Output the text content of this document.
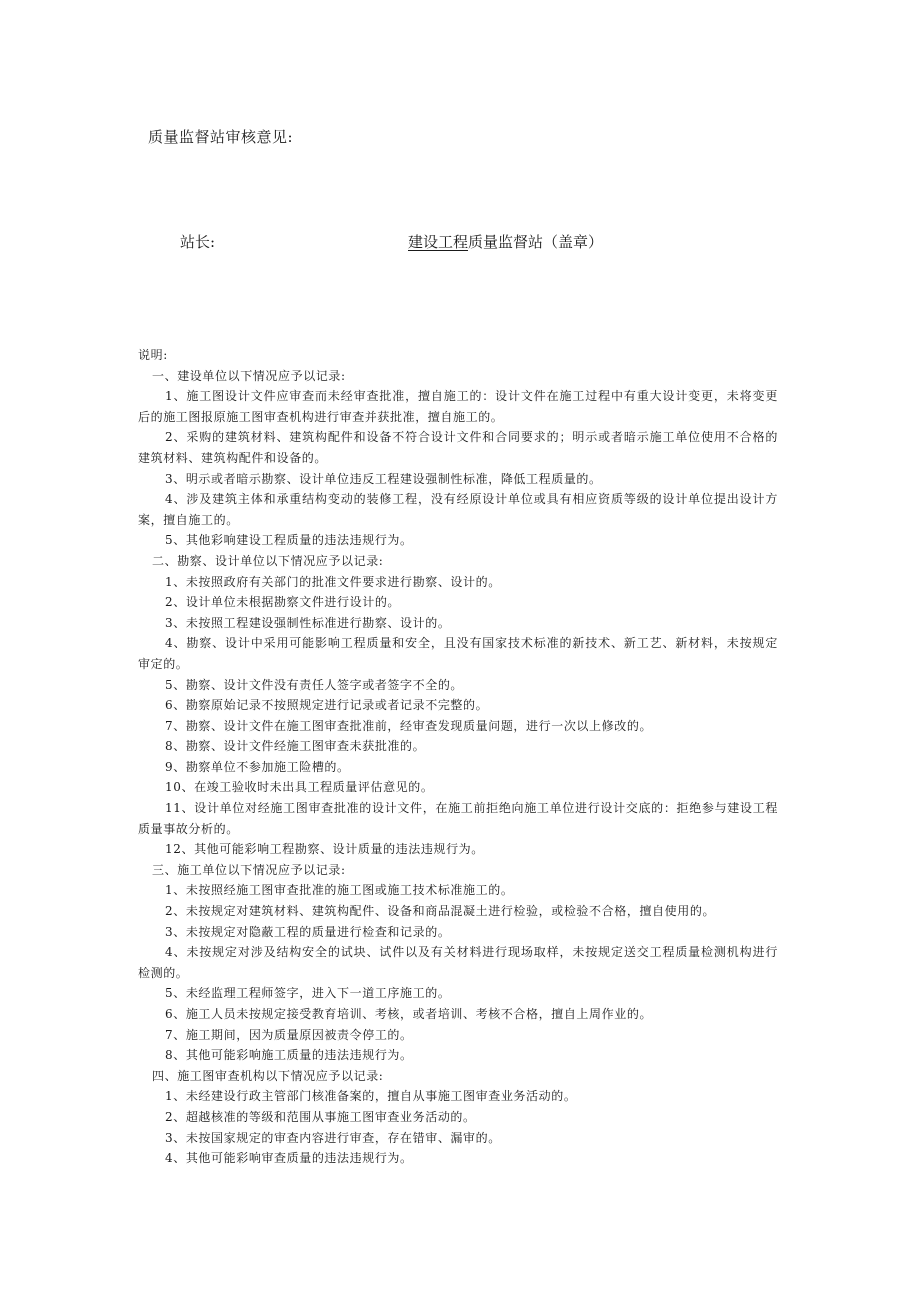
质量监督站审核意见:
站长:	建设工程质量监督站（盖章）

说明:

一、建设单位以下情况应予以记录:

1、施工图设计文件应审查而未经审查批准，擅自施工的：设计文件在施工过程中有重大设计变更，未将变更后的施工图报原施工图审查机构进行审查并获批准，擅自施工的。

2、采购的建筑材料、建筑构配件和设备不符合设计文件和合同要求的；明示或者暗示施工单位使用不合格的建筑材料、建筑构配件和设备的。

3、明示或者暗示勘察、设计单位违反工程建设强制性标准，降低工程质量的。

4、涉及建筑主体和承重结构变动的装修工程，没有经原设计单位或具有相应资质等级的设计单位提出设计方案，擅自施工的。

5、其他彩响建设工程质量的违法违规行为。

二、勘察、设计单位以下情况应予以记录:

1、未按照政府有关部门的批准文件要求进行勘察、设计的。

2、设计单位未根据勘察文件进行设计的。

3、未按照工程建设强制性标准进行勘察、设计的。

4、勘察、设计中采用可能影响工程质量和安全，且没有国家技术标准的新技术、新工艺、新材料，未按规定审定的。

5、勘察、设计文件没有责任人签字或者签字不全的。

6、勘察原始记录不按照规定进行记录或者记录不完整的。

7、勘察、设计文件在施工图审查批准前，经审查发现质量问题，进行一次以上修改的。

8、勘察、设计文件经施工图审查未获批准的。

9、勘察单位不参加施工险槽的。

10、在竣工验收时未出具工程质量评估意见的。

11、设计单位对经施工图审查批准的设计文件，在施工前拒绝向施工单位进行设计交底的：拒绝参与建设工程质量事故分析的。

12、其他可能彩响工程勘察、设计质量的违法违规行为。

三、施工单位以下情况应予以记录:

1、未按照经施工图审查批准的施工图或施工技术标准施工的。

2、未按规定对建筑材料、建筑构配件、设备和商品混凝土进行检验，或检验不合格，擅自使用的。

3、未按规定对隐蔽工程的质量进行检查和记录的。

4、未按规定对涉及结构安全的试块、试件以及有关材料进行现场取样，未按规定送交工程质量检测机构进行检测的。

5、未经监理工程师签字，进入下一道工序施工的。

6、施工人员未按规定接受教育培训、考核，或者培训、考核不合格，擅自上周作业的。

7、施工期间，因为质量原因被责令停工的。

8、其他可能彩响施工质量的违法违规行为。

四、施工图审查机构以下情况应予以记录:

1、未经建设行政主管部门核准备案的，擅自从事施工图审查业务活动的。

2、超越核准的等级和范围从事施工图审查业务活动的。

3、未按国家规定的审查内容进行审查，存在错审、漏审的。

4、其他可能彩响审查质量的违法违规行为。
